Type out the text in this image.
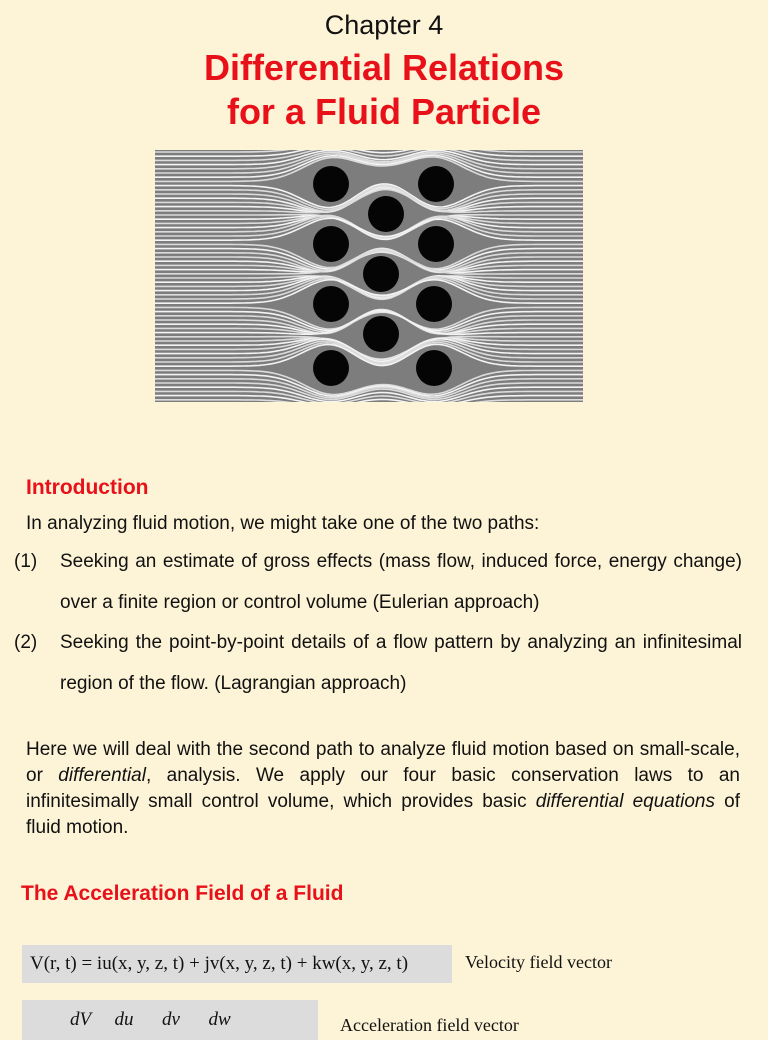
Chapter 4
Differential Relations
for a Fluid Particle
Introduction
In analyzing fluid motion, we might take one of the two paths:
(1)	Seeking an estimate of gross effects (mass flow, induced force, energy change) over a finite region or control volume (Eulerian approach)
(2)	Seeking the point-by-point details of a flow pattern by analyzing an infinitesimal region of the flow. (Lagrangian approach)
Here we will deal with the second path to analyze fluid motion based on small-scale, or differential, analysis. We apply our four basic conservation laws to an infinitesimally small control volume, which provides basic differential equations of fluid motion.
The Acceleration Field of a Fluid
V(r, t) = iu(x, y, z, t) + jv(x, y, z, t) + kw(x, y, z, t)	Velocity field vector
dV     du      dv      dw	Acceleration field vector
